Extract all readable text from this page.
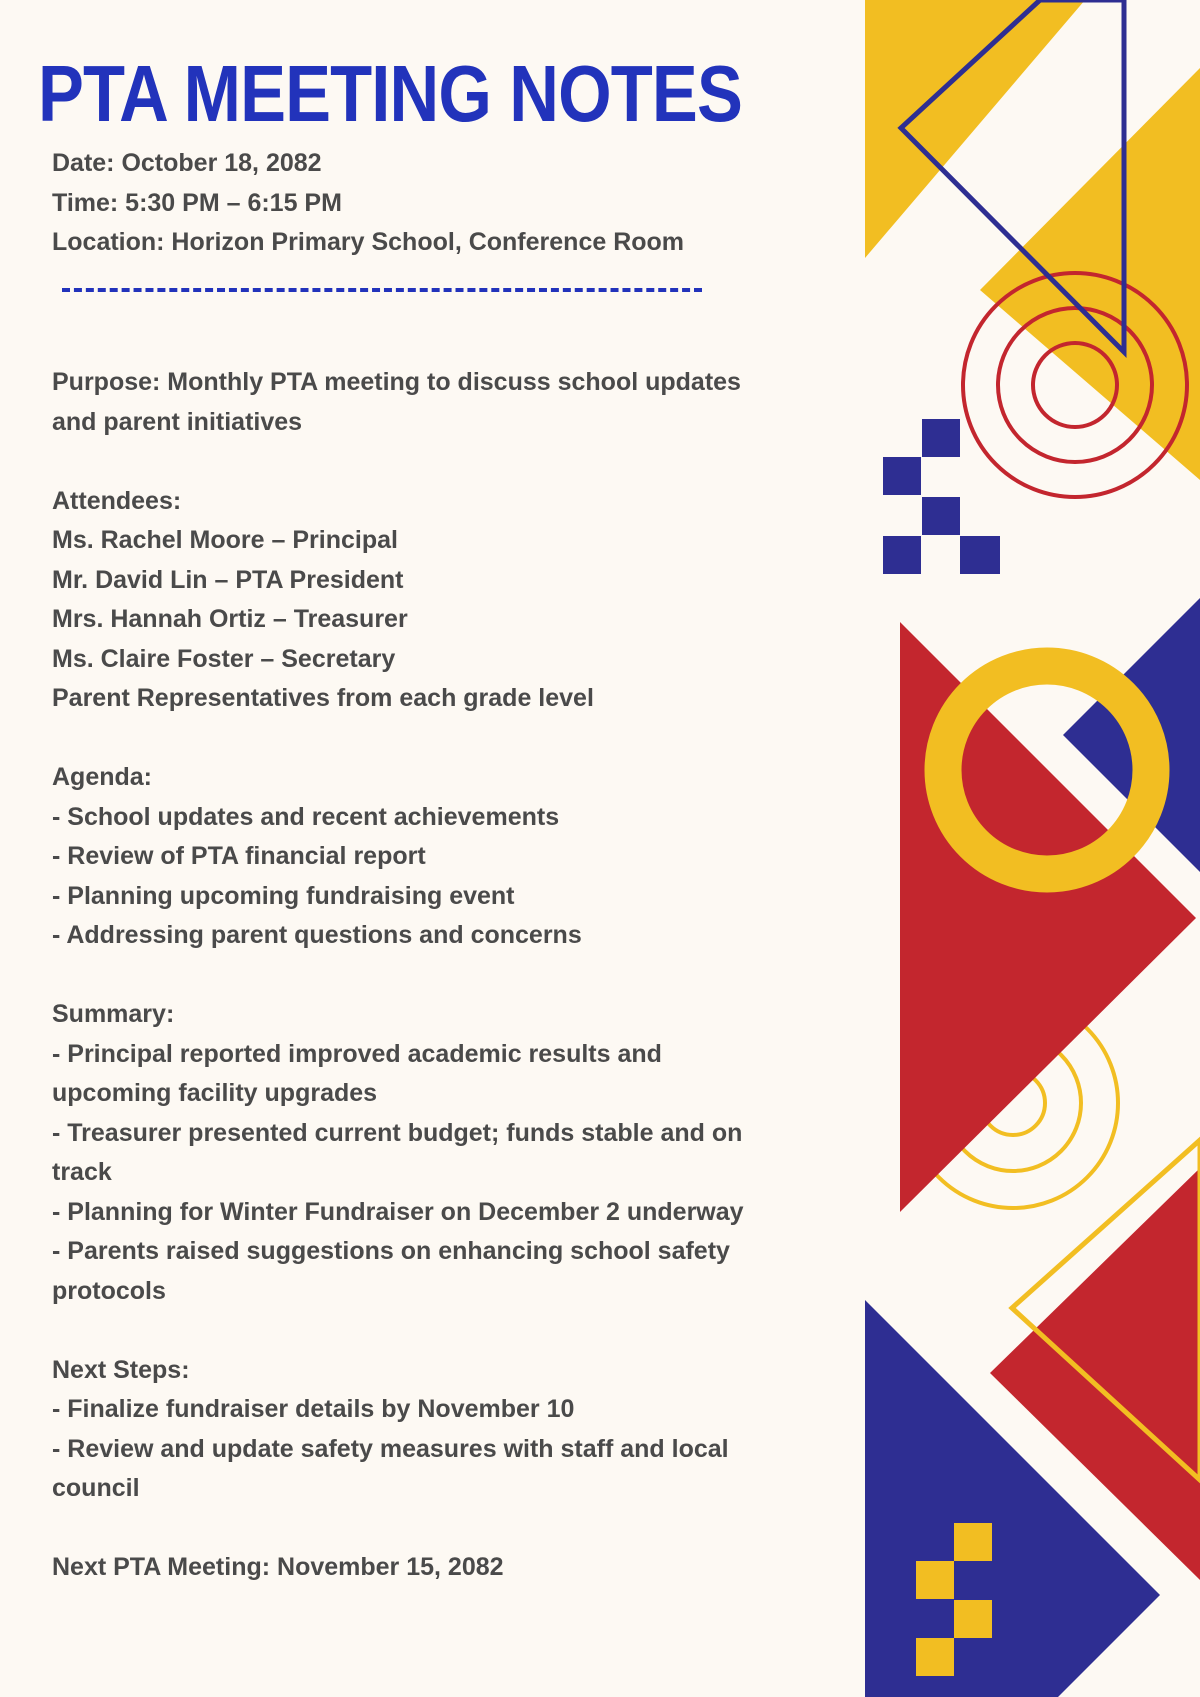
PTA MEETING NOTES
Date: October 18, 2082
Time: 5:30 PM – 6:15 PM
Location: Horizon Primary School, Conference Room
Purpose: Monthly PTA meeting to discuss school updates
and parent initiatives
Attendees:
Ms. Rachel Moore – Principal
Mr. David Lin – PTA President
Mrs. Hannah Ortiz – Treasurer
Ms. Claire Foster – Secretary
Parent Representatives from each grade level
Agenda:
- School updates and recent achievements
- Review of PTA financial report
- Planning upcoming fundraising event
- Addressing parent questions and concerns
Summary:
- Principal reported improved academic results and
upcoming facility upgrades
- Treasurer presented current budget; funds stable and on
track
- Planning for Winter Fundraiser on December 2 underway
- Parents raised suggestions on enhancing school safety
protocols
Next Steps:
- Finalize fundraiser details by November 10
- Review and update safety measures with staff and local
council
Next PTA Meeting: November 15, 2082
